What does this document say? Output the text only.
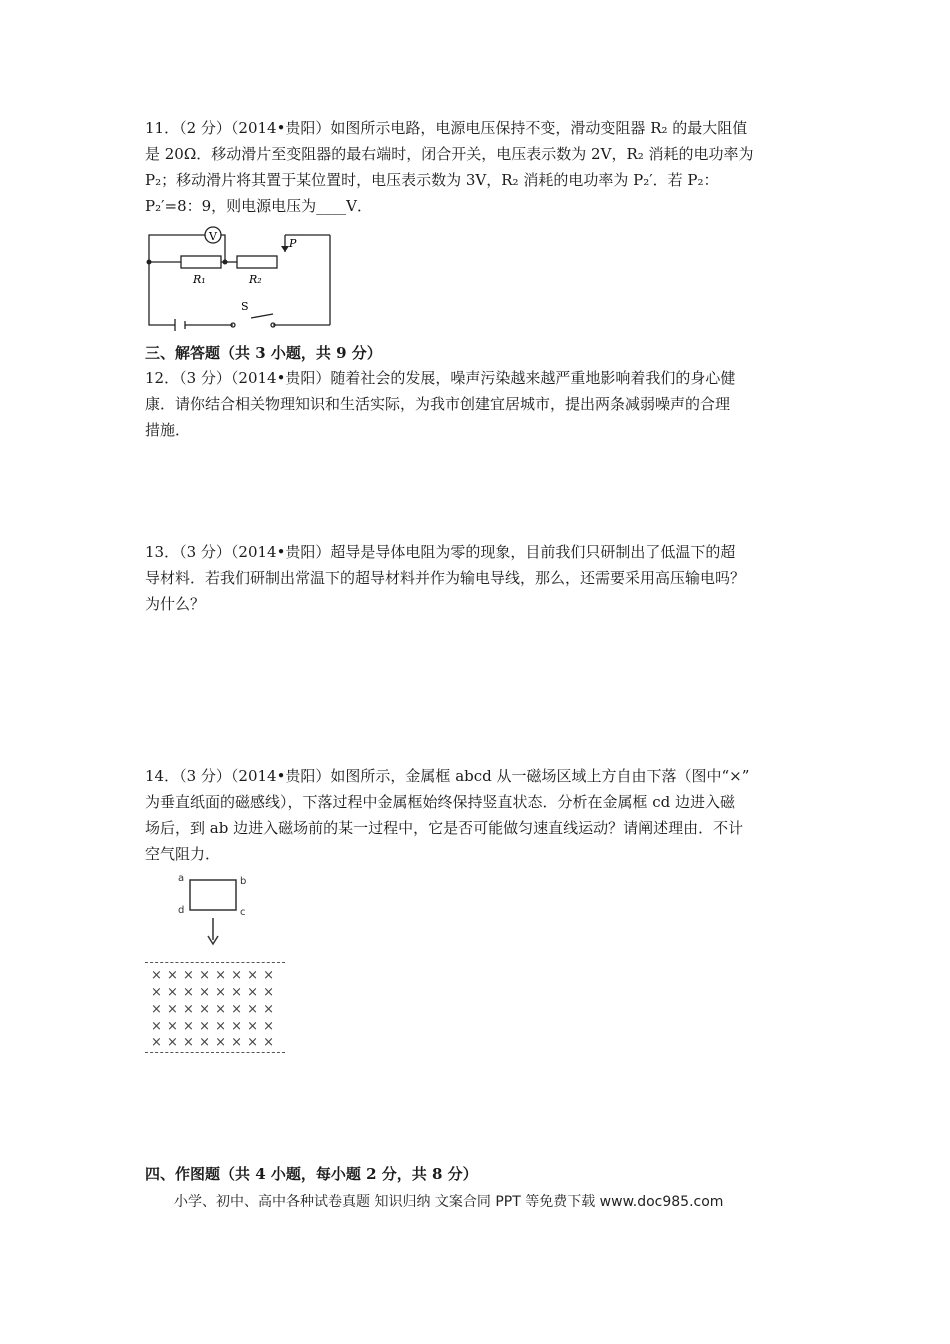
11．（2 分）（2014•贵阳）如图所示电路，电源电压保持不变，滑动变阻器 R₂ 的最大阻值
是 20Ω．移动滑片至变阻器的最右端时，闭合开关，电压表示数为 2V，R₂ 消耗的电功率为
P₂；移动滑片将其置于某位置时，电压表示数为 3V，R₂ 消耗的电功率为 P₂′．若 P₂：
P₂′=8：9，则电源电压为____V．
V
R₁	R₂
P
S
三、解答题（共 3 小题，共 9 分）
12．（3 分）（2014•贵阳）随着社会的发展，噪声污染越来越严重地影响着我们的身心健
康．请你结合相关物理知识和生活实际，为我市创建宜居城市，提出两条减弱噪声的合理
措施．
13．（3 分）（2014•贵阳）超导是导体电阻为零的现象，目前我们只研制出了低温下的超
导材料．若我们研制出常温下的超导材料并作为输电导线，那么，还需要采用高压输电吗？
为什么？
14．（3 分）（2014•贵阳）如图所示，金属框 abcd 从一磁场区域上方自由下落（图中“×”
为垂直纸面的磁感线），下落过程中金属框始终保持竖直状态．分析在金属框 cd 边进入磁
场后，到 ab 边进入磁场前的某一过程中，它是否可能做匀速直线运动？请阐述理由．不计
空气阻力．
a	b
d	c
× × × × × × × ×
× × × × × × × ×
× × × × × × × ×
× × × × × × × ×
× × × × × × × ×
四、作图题（共 4 小题，每小题 2 分，共 8 分）
小学、初中、高中各种试卷真题 知识归纳 文案合同 PPT 等免费下载 www.doc985.com
